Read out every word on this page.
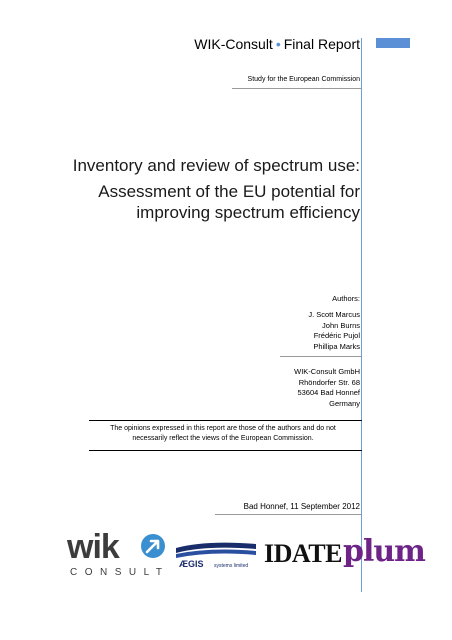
WIK-Consult • Final Report
Study for the European Commission
Inventory and review of spectrum use:
Assessment of the EU potential for
improving spectrum efficiency
Authors:
J. Scott Marcus
John Burns
Frédéric Pujol
Phillipa Marks
WIK-Consult GmbH
Rhöndorfer Str. 68
53604 Bad Honnef
Germany
The opinions expressed in this report are those of the authors and do not
necessarily reflect the views of the European Commission.
Bad Honnef, 11 September 2012
wik
CONSULT
ÆGIS systems limited IDATE plum
